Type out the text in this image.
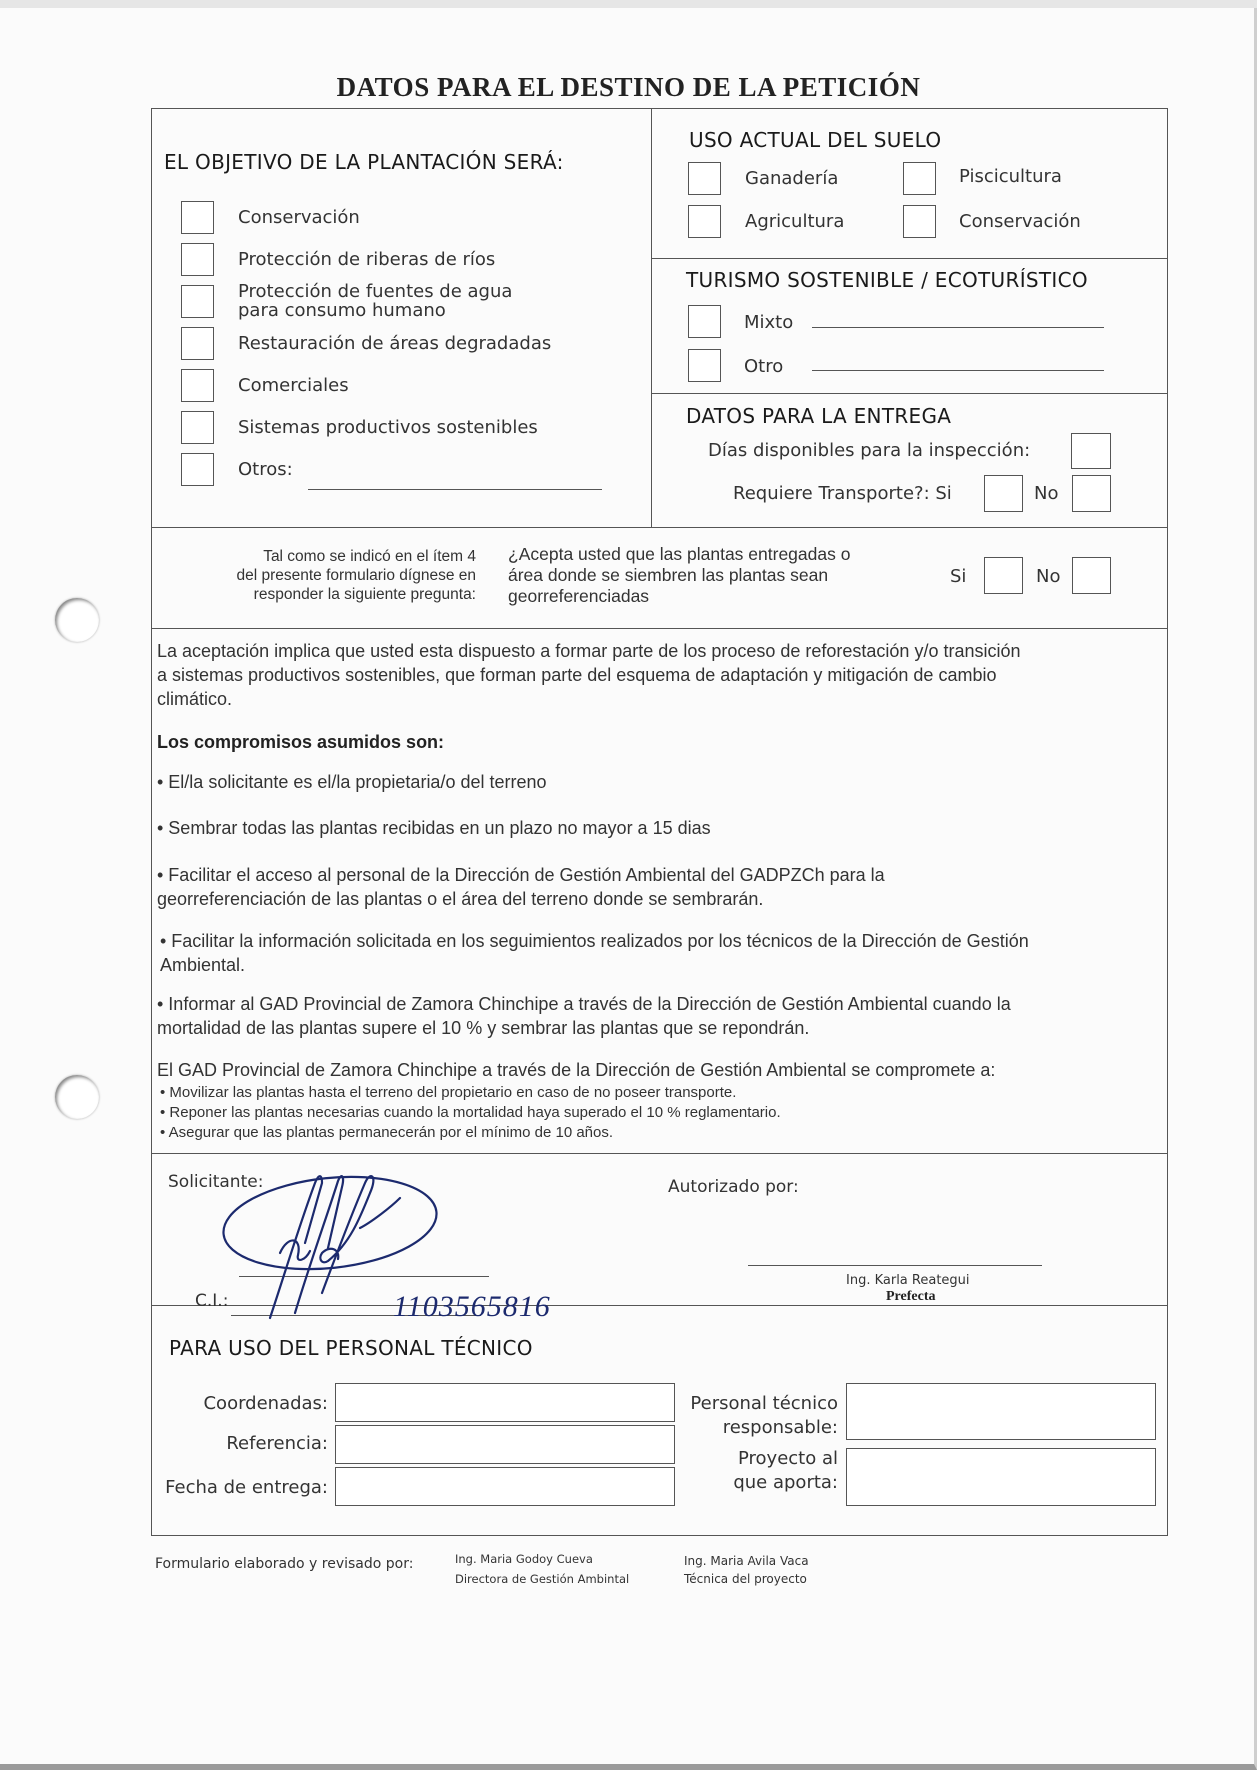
DATOS PARA EL DESTINO DE LA PETICIÓN
EL OBJETIVO DE LA PLANTACIÓN SERÁ:
Conservación
Protección de riberas de ríos
Protección de fuentes de agua
para consumo humano
Restauración de áreas degradadas
Comerciales
Sistemas productivos sostenibles
Otros:
USO ACTUAL DEL SUELO
Ganadería	Piscicultura
Agricultura	Conservación
TURISMO SOSTENIBLE / ECOTURÍSTICO
Mixto
Otro
DATOS PARA LA ENTREGA
Días disponibles para la inspección:
Requiere Transporte?: Si	No
Tal como se indicó en el ítem 4
del presente formulario dígnese en
responder la siguiente pregunta:
¿Acepta usted que las plantas entregadas o
área donde se siembren las plantas sean
georreferenciadas
Si	No
La aceptación implica que usted esta dispuesto a formar parte de los proceso de reforestación y/o transición
a sistemas productivos sostenibles, que forman parte del esquema de adaptación y mitigación de cambio
climático.
Los compromisos asumidos son:
• El/la solicitante es el/la propietaria/o del terreno
• Sembrar todas las plantas recibidas en un plazo no mayor a 15 dias
• Facilitar el acceso al personal de la Dirección de Gestión Ambiental del GADPZCh para la
georreferenciación de las plantas o el área del terreno donde se sembrarán.
• Facilitar la información solicitada en los seguimientos realizados por los técnicos de la Dirección de Gestión
Ambiental.
• Informar al GAD Provincial de Zamora Chinchipe a través de la Dirección de Gestión Ambiental cuando la
mortalidad de las plantas supere el 10 % y sembrar las plantas que se repondrán.
El GAD Provincial de Zamora Chinchipe a través de la Dirección de Gestión Ambiental se compromete a:
• Movilizar las plantas hasta el terreno del propietario en caso de no poseer transporte.
• Reponer las plantas necesarias cuando la mortalidad haya superado el 10 % reglamentario.
• Asegurar que las plantas permanecerán por el mínimo de 10 años.
Solicitante:	Autorizado por:
C.I.:	1103565816
Ing. Karla Reategui
Prefecta
PARA USO DEL PERSONAL TÉCNICO
Coordenadas:
Referencia:
Fecha de entrega:
Personal técnico
responsable:
Proyecto al
que aporta:
Formulario elaborado y revisado por:	Ing. Maria Godoy Cueva
Directora de Gestión Ambintal
Ing. Maria Avila Vaca
Técnica del proyecto
